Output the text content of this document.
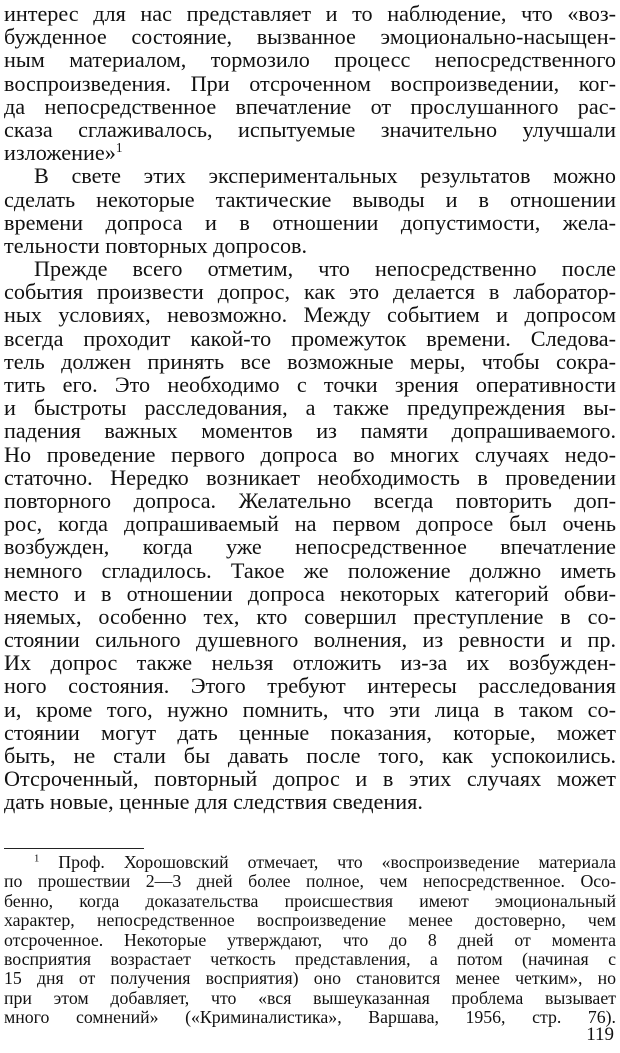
интерес для нас представляет и то наблюдение, что «воз-
бужденное состояние, вызванное эмоционально-насыщен-
ным материалом, тормозило процесс непосредственного
воспроизведения. При отсроченном воспроизведении, ког-
да непосредственное впечатление от прослушанного рас-
сказа сглаживалось, испытуемые значительно улучшали
изложение»$^1$
В свете этих экспериментальных результатов можно
сделать некоторые тактические выводы и в отношении
времени допроса и в отношении допустимости, жела-
тельности повторных допросов.
Прежде всего отметим, что непосредственно после
события произвести допрос, как это делается в лаборатор-
ных условиях, невозможно. Между событием и допросом
всегда проходит какой-то промежуток времени. Следова-
тель должен принять все возможные меры, чтобы сокра-
тить его. Это необходимо с точки зрения оперативности
и быстроты расследования, а также предупреждения вы-
падения важных моментов из памяти допрашиваемого.
Но проведение первого допроса во многих случаях недо-
статочно. Нередко возникает необходимость в проведении
повторного допроса. Желательно всегда повторить доп-
рос, когда допрашиваемый на первом допросе был очень
возбужден, когда уже непосредственное впечатление
немного сгладилось. Такое же положение должно иметь
место и в отношении допроса некоторых категорий обви-
няемых, особенно тех, кто совершил преступление в со-
стоянии сильного душевного волнения, из ревности и пр.
Их допрос также нельзя отложить из-за их возбужден-
ного состояния. Этого требуют интересы расследования
и, кроме того, нужно помнить, что эти лица в таком со-
стоянии могут дать ценные показания, которые, может
быть, не стали бы давать после того, как успокоились.
Отсроченный, повторный допрос и в этих случаях может
дать новые, ценные для следствия сведения.
$^1$ Проф. Хорошовский отмечает, что «воспроизведение материала
по прошествии 2—3 дней более полное, чем непосредственное. Осо-
бенно, когда доказательства происшествия имеют эмоциональный
характер, непосредственное воспроизведение менее достоверно, чем
отсроченное. Некоторые утверждают, что до 8 дней от момента
восприятия возрастает четкость представления, а потом (начиная с
15 дня от получения восприятия) оно становится менее четким», но
при этом добавляет, что «вся вышеуказанная проблема вызывает
много сомнений» («Криминалистика», Варшава, 1956, стр. 76).
119
